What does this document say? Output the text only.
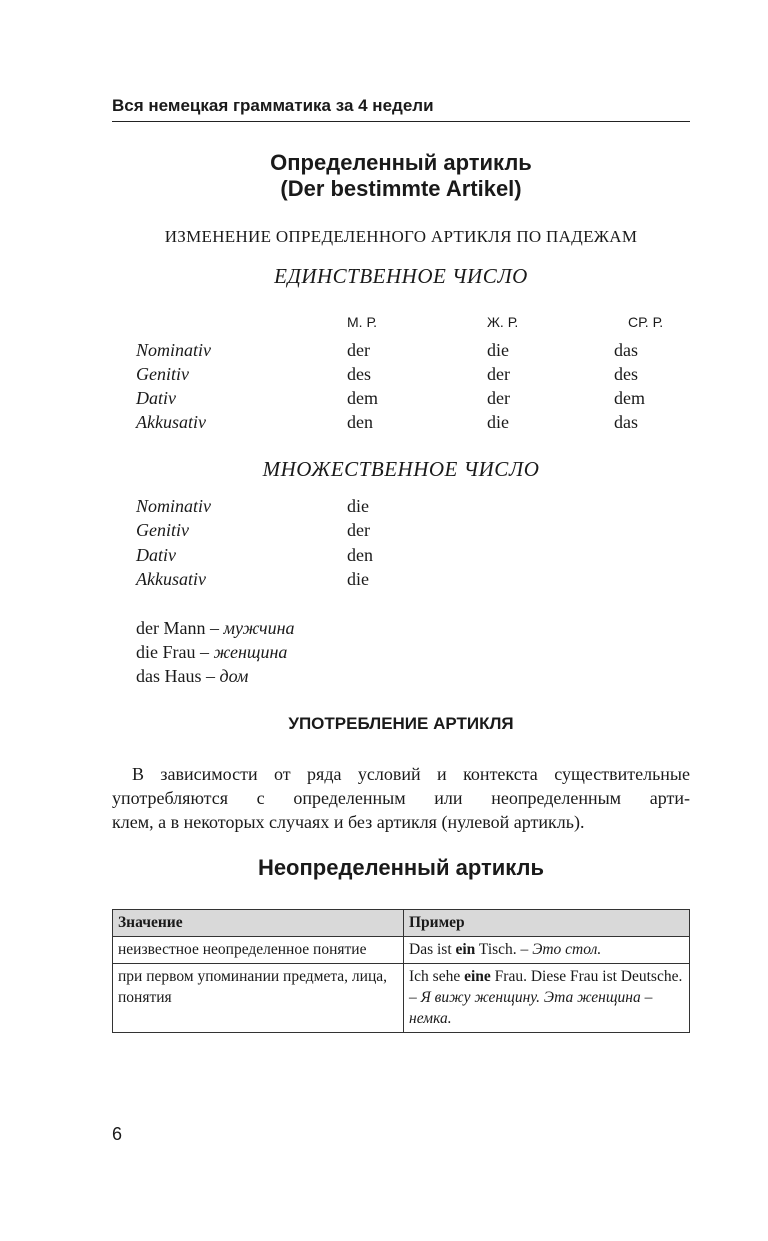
Вся немецкая грамматика за 4 недели
Определенный артикль
(Der bestimmte Artikel)
ИЗМЕНЕНИЕ ОПРЕДЕЛЕННОГО АРТИКЛЯ ПО ПАДЕЖАМ
ЕДИНСТВЕННОЕ ЧИСЛО
М. Р.	Ж. Р.	СР. Р.
Nominativ	der	die	das
Genitiv	des	der	des
Dativ	dem	der	dem
Akkusativ	den	die	das
МНОЖЕСТВЕННОЕ ЧИСЛО
Nominativ	die
Genitiv	der
Dativ	den
Akkusativ	die
der Mann – мужчина
die Frau – женщина
das Haus – дом
УПОТРЕБЛЕНИЕ АРТИКЛЯ
В зависимости от ряда условий и контекста существительные
употребляются с определенным или неопределенным арти-
клем, а в некоторых случаях и без артикля (нулевой артикль).
Неопределенный артикль
Значение	Пример
неизвестное неопределенное понятие	Das ist ein Tisch. – Это стол.
при первом упоминании предмета, лица, понятия	Ich sehe eine Frau. Diese Frau ist Deutsche. – Я вижу женщину. Эта женщина – немка.
6
